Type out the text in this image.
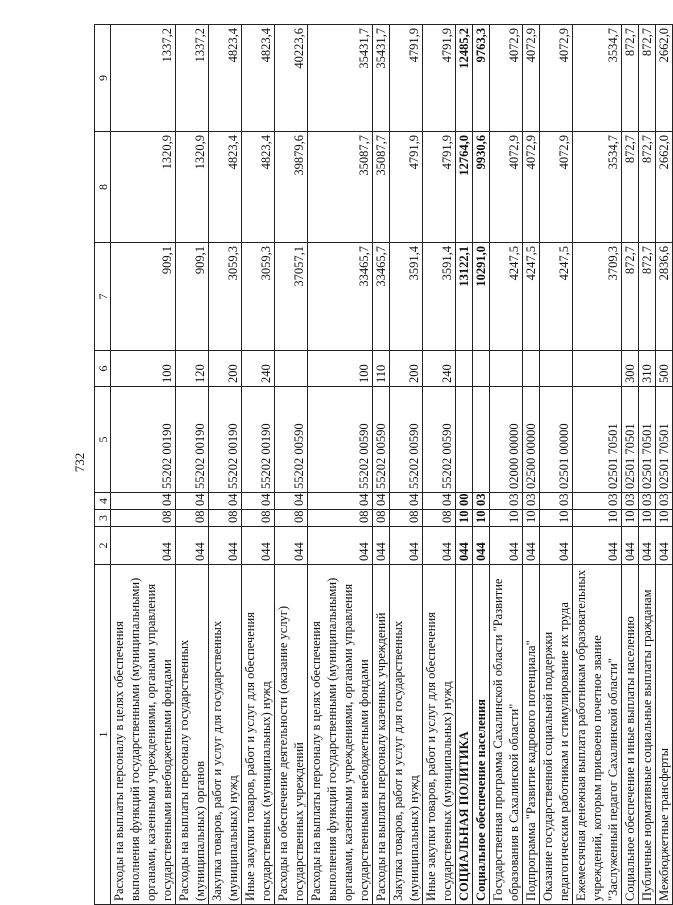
732
1	2	3	4	5	6	7	8	9
Расходы на выплаты персоналу в целях обеспечения выполнения функций государственными (муниципальными) органами, казенными учреждениями, органами управления государственными внебюджетными фондами	044	08	04	55202 00190	100	909,1	1320,9	1337,2
Расходы на выплаты персоналу государственных (муниципальных) органов	044	08	04	55202 00190	120	909,1	1320,9	1337,2
Закупка товаров, работ и услуг для государственных (муниципальных) нужд	044	08	04	55202 00190	200	3059,3	4823,4	4823,4
Иные закупки товаров, работ и услуг для обеспечения государственных (муниципальных) нужд	044	08	04	55202 00190	240	3059,3	4823,4	4823,4
Расходы на обеспечение деятельности (оказание услуг) государственных учреждений	044	08	04	55202 00590		37057,1	39879,6	40223,6
Расходы на выплаты персоналу в целях обеспечения выполнения функций государственными (муниципальными) органами, казенными учреждениями, органами управления государственными внебюджетными фондами	044	08	04	55202 00590	100	33465,7	35087,7	35431,7
Расходы на выплаты персоналу казенных учреждений	044	08	04	55202 00590	110	33465,7	35087,7	35431,7
Закупка товаров, работ и услуг для государственных (муниципальных) нужд	044	08	04	55202 00590	200	3591,4	4791,9	4791,9
Иные закупки товаров, работ и услуг для обеспечения государственных (муниципальных) нужд	044	08	04	55202 00590	240	3591,4	4791,9	4791,9
СОЦИАЛЬНАЯ ПОЛИТИКА	044	10	00			13122,1	12764,0	12485,2
Социальное обеспечение населения	044	10	03			10291,0	9930,6	9763,3
Государственная программа Сахалинской области "Развитие образования в Сахалинской области"	044	10	03	02000 00000		4247,5	4072,9	4072,9
Подпрограмма "Развитие кадрового потенциала"	044	10	03	02500 00000		4247,5	4072,9	4072,9
Оказание государственной социальной поддержки педагогическим работникам и стимулирование их труда	044	10	03	02501 00000		4247,5	4072,9	4072,9
Ежемесячная денежная выплата работникам образовательных учреждений, которым присвоено почетное звание "Заслуженный педагог Сахалинской области"	044	10	03	02501 70501		3709,3	3534,7	3534,7
Социальное обеспечение и иные выплаты населению	044	10	03	02501 70501	300	872,7	872,7	872,7
Публичные нормативные социальные выплаты гражданам	044	10	03	02501 70501	310	872,7	872,7	872,7
Межбюджетные трансферты	044	10	03	02501 70501	500	2836,6	2662,0	2662,0
